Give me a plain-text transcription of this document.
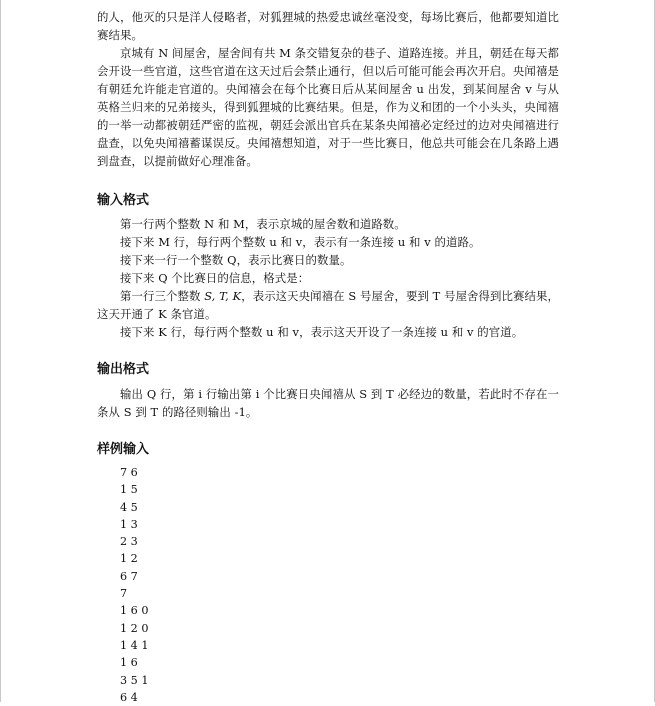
的人，他灭的只是洋人侵略者，对狐狸城的热爱忠诚丝毫没变，每场比赛后，他都要知道比赛结果。

京城有 N 间屋舍，屋舍间有共 M 条交错复杂的巷子、道路连接。并且，朝廷在每天都会开设一些官道，这些官道在这天过后会禁止通行，但以后可能可能会再次开启。央闻禧是有朝廷允许能走官道的。央闻禧会在每个比赛日后从某间屋舍 u 出发，到某间屋舍 v 与从英格兰归来的兄弟接头，得到狐狸城的比赛结果。但是，作为义和团的一个小头头，央闻禧的一举一动都被朝廷严密的监视，朝廷会派出官兵在某条央闻禧必定经过的边对央闻禧进行盘查，以免央闻禧蓄谋误反。央闻禧想知道，对于一些比赛日，他总共可能会在几条路上遇到盘查，以提前做好心理准备。

输入格式

第一行两个整数 N 和 M，表示京城的屋舍数和道路数。

接下来 M 行，每行两个整数 u 和 v，表示有一条连接 u 和 v 的道路。

接下来一行一个整数 Q，表示比赛日的数量。

接下来 Q 个比赛日的信息，格式是：

第一行三个整数 S, T, K，表示这天央闻禧在 S 号屋舍，要到 T 号屋舍得到比赛结果，这天开通了 K 条官道。

接下来 K 行，每行两个整数 u 和 v，表示这天开设了一条连接 u 和 v 的官道。

输出格式

输出 Q 行，第 i 行输出第 i 个比赛日央闻禧从 S 到 T 必经边的数量，若此时不存在一条从 S 到 T 的路径则输出 -1。

样例输入
7 6
1 5
4 5
1 3
2 3
1 2
6 7
7
1 6 0
1 2 0
1 4 1
1 6
3 5 1
6 4
